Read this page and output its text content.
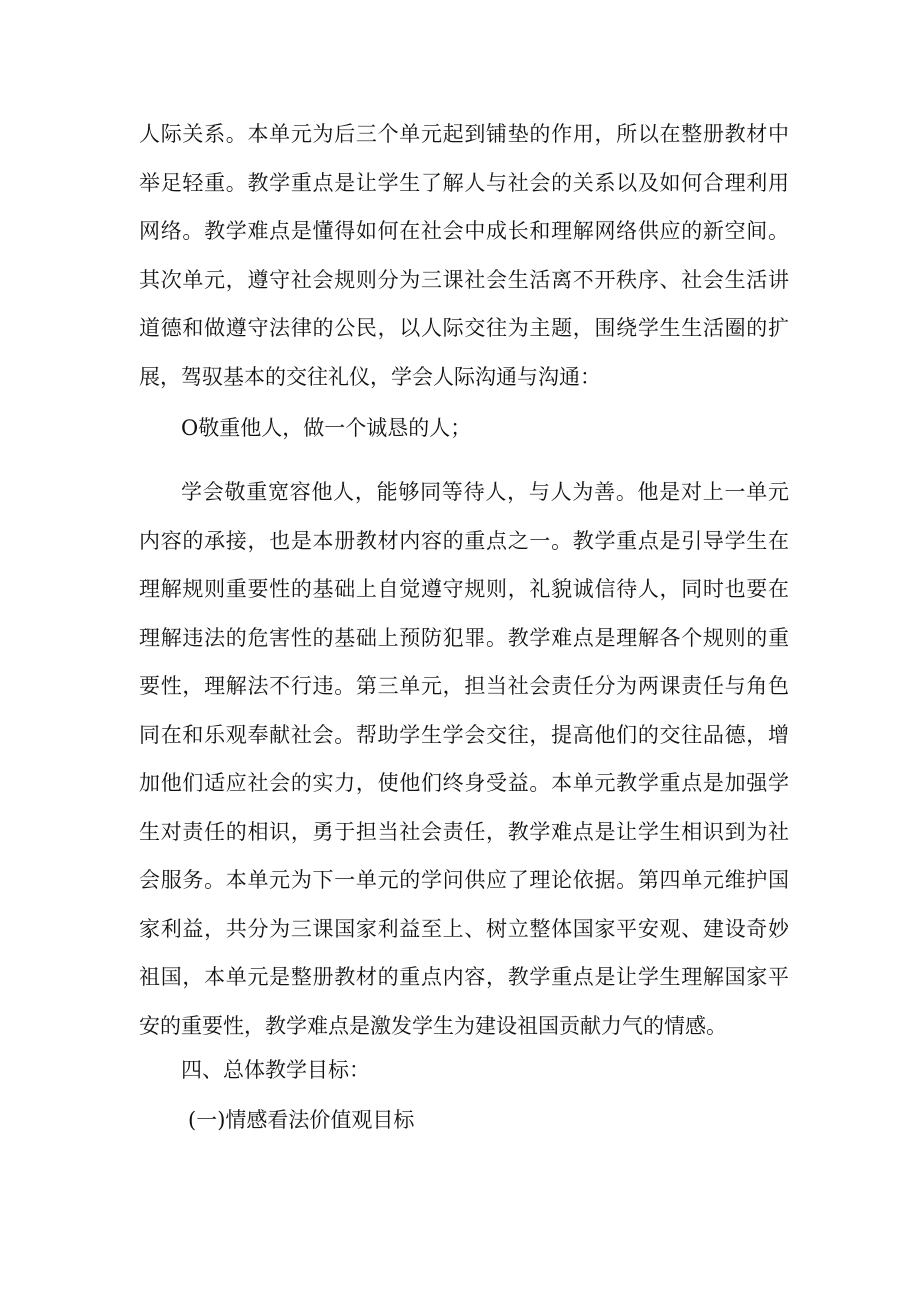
人际关系。本单元为后三个单元起到铺垫的作用，所以在整册教材中举足轻重。教学重点是让学生了解人与社会的关系以及如何合理利用网络。教学难点是懂得如何在社会中成长和理解网络供应的新空间。其次单元，遵守社会规则分为三课社会生活离不开秩序、社会生活讲道德和做遵守法律的公民，以人际交往为主题，围绕学生生活圈的扩展，驾驭基本的交往礼仪，学会人际沟通与沟通：

O敬重他人，做一个诚恳的人；

学会敬重宽容他人，能够同等待人，与人为善。他是对上一单元内容的承接，也是本册教材内容的重点之一。教学重点是引导学生在理解规则重要性的基础上自觉遵守规则，礼貌诚信待人，同时也要在理解违法的危害性的基础上预防犯罪。教学难点是理解各个规则的重要性，理解法不行违。第三单元，担当社会责任分为两课责任与角色同在和乐观奉献社会。帮助学生学会交往，提高他们的交往品德，增加他们适应社会的实力，使他们终身受益。本单元教学重点是加强学生对责任的相识，勇于担当社会责任，教学难点是让学生相识到为社会服务。本单元为下一单元的学问供应了理论依据。第四单元维护国家利益，共分为三课国家利益至上、树立整体国家平安观、建设奇妙祖国，本单元是整册教材的重点内容，教学重点是让学生理解国家平安的重要性，教学难点是激发学生为建设祖国贡献力气的情感。

四、总体教学目标：

(一)情感看法价值观目标
